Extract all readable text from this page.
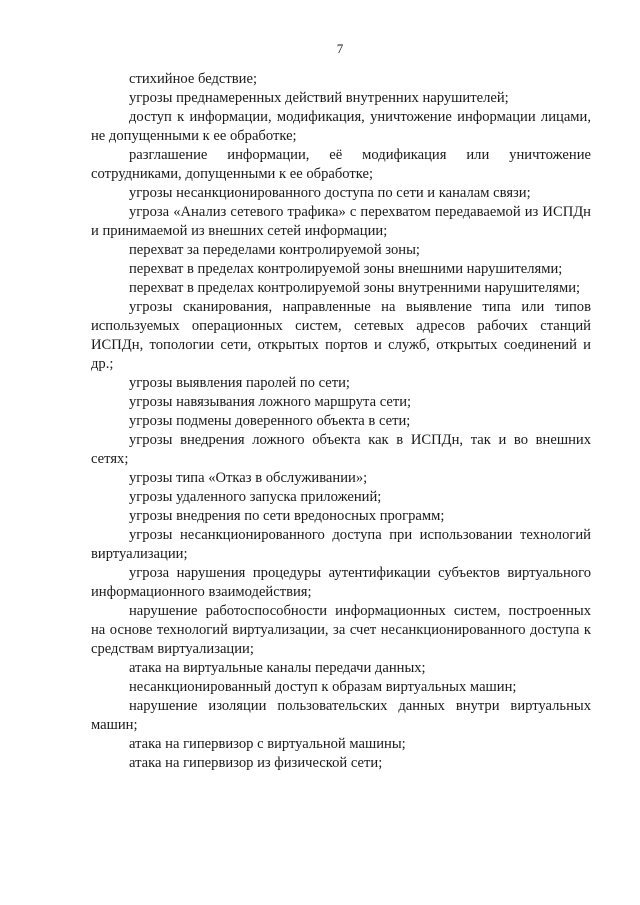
7

стихийное бедствие;

угрозы преднамеренных действий внутренних нарушителей;

доступ к информации, модификация, уничтожение информации лицами, не допущенными к ее обработке;

разглашение информации, её модификация или уничтожение сотрудниками, допущенными к ее обработке;

угрозы несанкционированного доступа по сети и каналам связи;

угроза «Анализ сетевого трафика» с перехватом передаваемой из ИСПДн и принимаемой из внешних сетей информации;

перехват за переделами контролируемой зоны;

перехват в пределах контролируемой зоны внешними нарушителями;

перехват в пределах контролируемой зоны внутренними нарушителями;

угрозы сканирования, направленные на выявление типа или типов используемых операционных систем, сетевых адресов рабочих станций ИСПДн, топологии сети, открытых портов и служб, открытых соединений и др.;

угрозы выявления паролей по сети;

угрозы навязывания ложного маршрута сети;

угрозы подмены доверенного объекта в сети;

угрозы внедрения ложного объекта как в ИСПДн, так и во внешних сетях;

угрозы типа «Отказ в обслуживании»;

угрозы удаленного запуска приложений;

угрозы внедрения по сети вредоносных программ;

угрозы несанкционированного доступа при использовании технологий виртуализации;

угроза нарушения процедуры аутентификации субъектов виртуального информационного взаимодействия;

нарушение работоспособности информационных систем, построенных на основе технологий виртуализации, за счет несанкционированного доступа к средствам виртуализации;

атака на виртуальные каналы передачи данных;

несанкционированный доступ к образам виртуальных машин;

нарушение изоляции пользовательских данных внутри виртуальных машин;

атака на гипервизор с виртуальной машины;

атака на гипервизор из физической сети;
